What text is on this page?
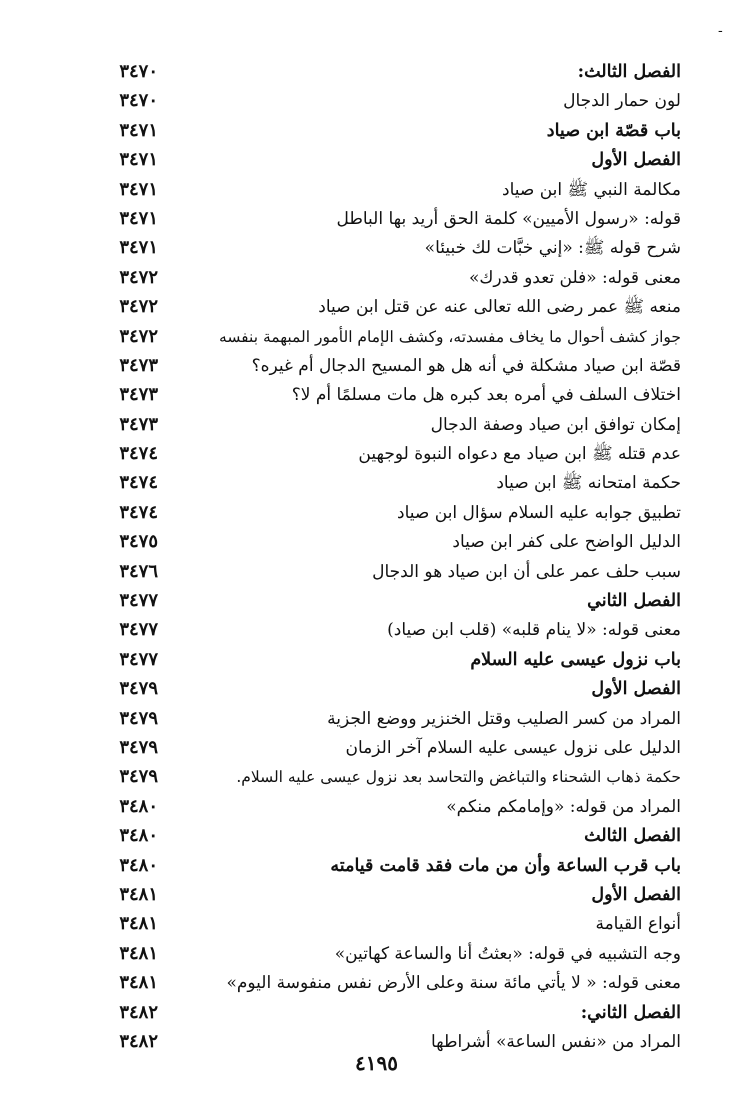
-
الفصل الثالث:
٣٤٧٠
لون حمار الدجال
٣٤٧٠
باب قصّة ابن صياد
٣٤٧١
الفصل الأول
٣٤٧١
مكالمة النبي ﷺ ابن صياد
٣٤٧١
قوله: «رسول الأميين» كلمة الحق أريد بها الباطل
٣٤٧١
شرح قوله ﷺ: «إني خبَّات لك خبيئا»
٣٤٧١
معنى قوله: «فلن تعدو قدرك»
٣٤٧٢
منعه ﷺ عمر رضى الله تعالى عنه عن قتل ابن صياد
٣٤٧٢
جواز كشف أحوال ما يخاف مفسدته، وكشف الإمام الأمور المبهمة بنفسه
٣٤٧٢
قصّة ابن صياد مشكلة في أنه هل هو المسيح الدجال أم غيره؟
٣٤٧٣
اختلاف السلف في أمره بعد كبره هل مات مسلمًا أم لا؟
٣٤٧٣
إمكان توافق ابن صياد وصفة الدجال
٣٤٧٣
عدم قتله ﷺ ابن صياد مع دعواه النبوة لوجهين
٣٤٧٤
حكمة امتحانه ﷺ ابن صياد
٣٤٧٤
تطبيق جوابه عليه السلام سؤال ابن صياد
٣٤٧٤
الدليل الواضح على كفر ابن صياد
٣٤٧٥
سبب حلف عمر على أن ابن صياد هو الدجال
٣٤٧٦
الفصل الثاني
٣٤٧٧
معنى قوله: «لا ينام قلبه» (قلب ابن صياد)
٣٤٧٧
باب نزول عيسى عليه السلام
٣٤٧٧
الفصل الأول
٣٤٧٩
المراد من كسر الصليب وقتل الخنزير ووضع الجزية
٣٤٧٩
الدليل على نزول عيسى عليه السلام آخر الزمان
٣٤٧٩
حكمة ذهاب الشحناء والتباغض والتحاسد بعد نزول عيسى عليه السلام.
٣٤٧٩
المراد من قوله: «وإمامكم منكم»
٣٤٨٠
الفصل الثالث
٣٤٨٠
باب قرب الساعة وأن من مات فقد قامت قيامته
٣٤٨٠
الفصل الأول
٣٤٨١
أنواع القيامة
٣٤٨١
وجه التشبيه في قوله: «بعثتُ أنا والساعة كهاتين»
٣٤٨١
معنى قوله: « لا يأتي مائة سنة وعلى الأرض نفس منفوسة اليوم»
٣٤٨١
الفصل الثاني:
٣٤٨٢
المراد من «نفس الساعة» أشراطها
٣٤٨٢
٤١٩٥
